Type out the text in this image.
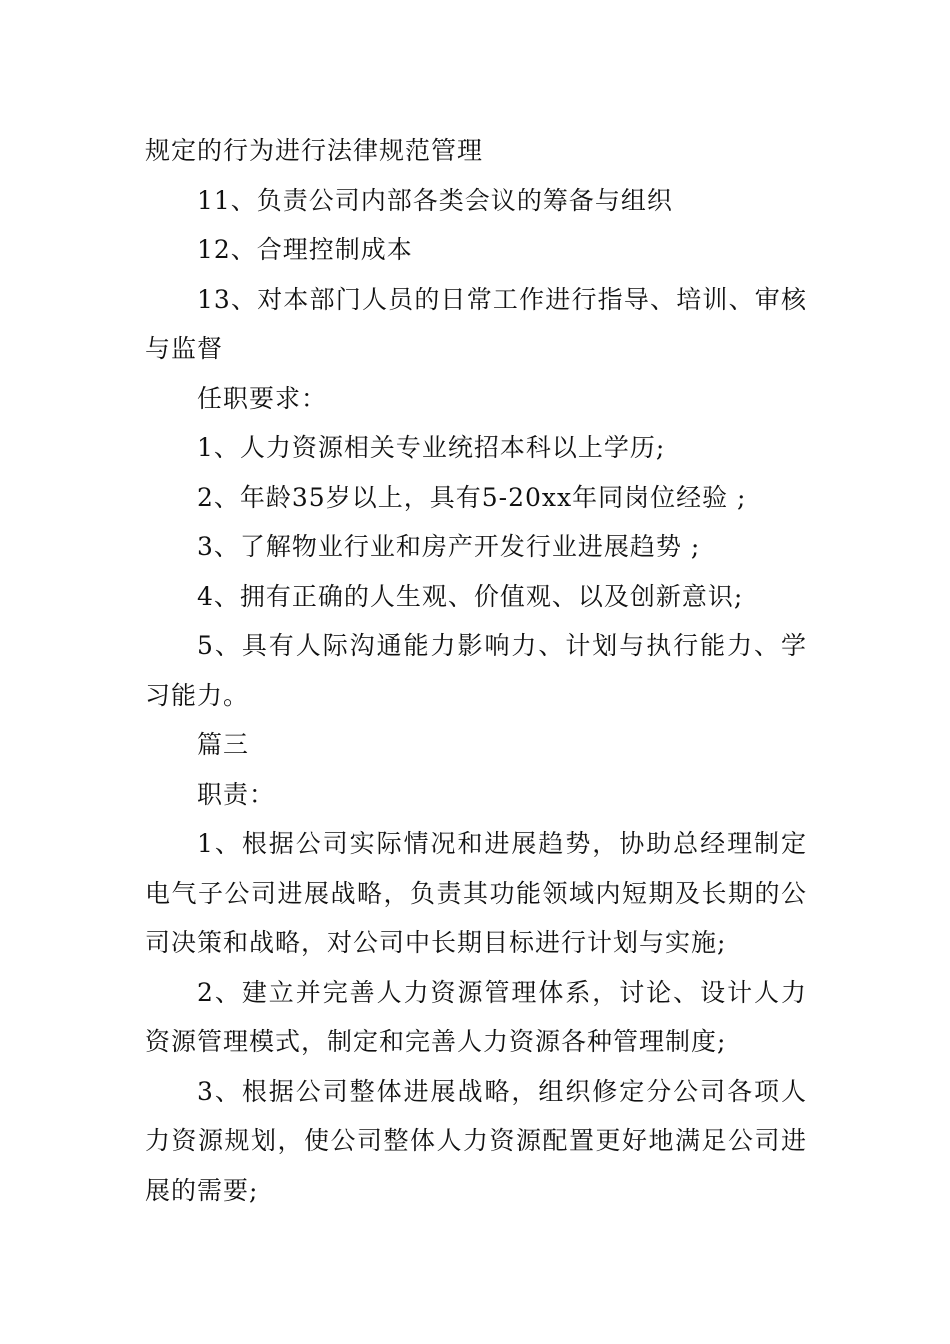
规定的行为进行法律规范管理

11、负责公司内部各类会议的筹备与组织

12、合理控制成本

13、对本部门人员的日常工作进行指导、培训、审核与监督

任职要求：

1、人力资源相关专业统招本科以上学历;

2、年龄35岁以上，具有5-20xx年同岗位经验 ;

3、了解物业行业和房产开发行业进展趋势 ;

4、拥有正确的人生观、价值观、以及创新意识;

5、具有人际沟通能力影响力、计划与执行能力、学习能力。

篇三

职责：

1、根据公司实际情况和进展趋势，协助总经理制定电气子公司进展战略，负责其功能领域内短期及长期的公司决策和战略，对公司中长期目标进行计划与实施;

2、建立并完善人力资源管理体系，讨论、设计人力资源管理模式，制定和完善人力资源各种管理制度;

3、根据公司整体进展战略，组织修定分公司各项人力资源规划，使公司整体人力资源配置更好地满足公司进展的需要;
